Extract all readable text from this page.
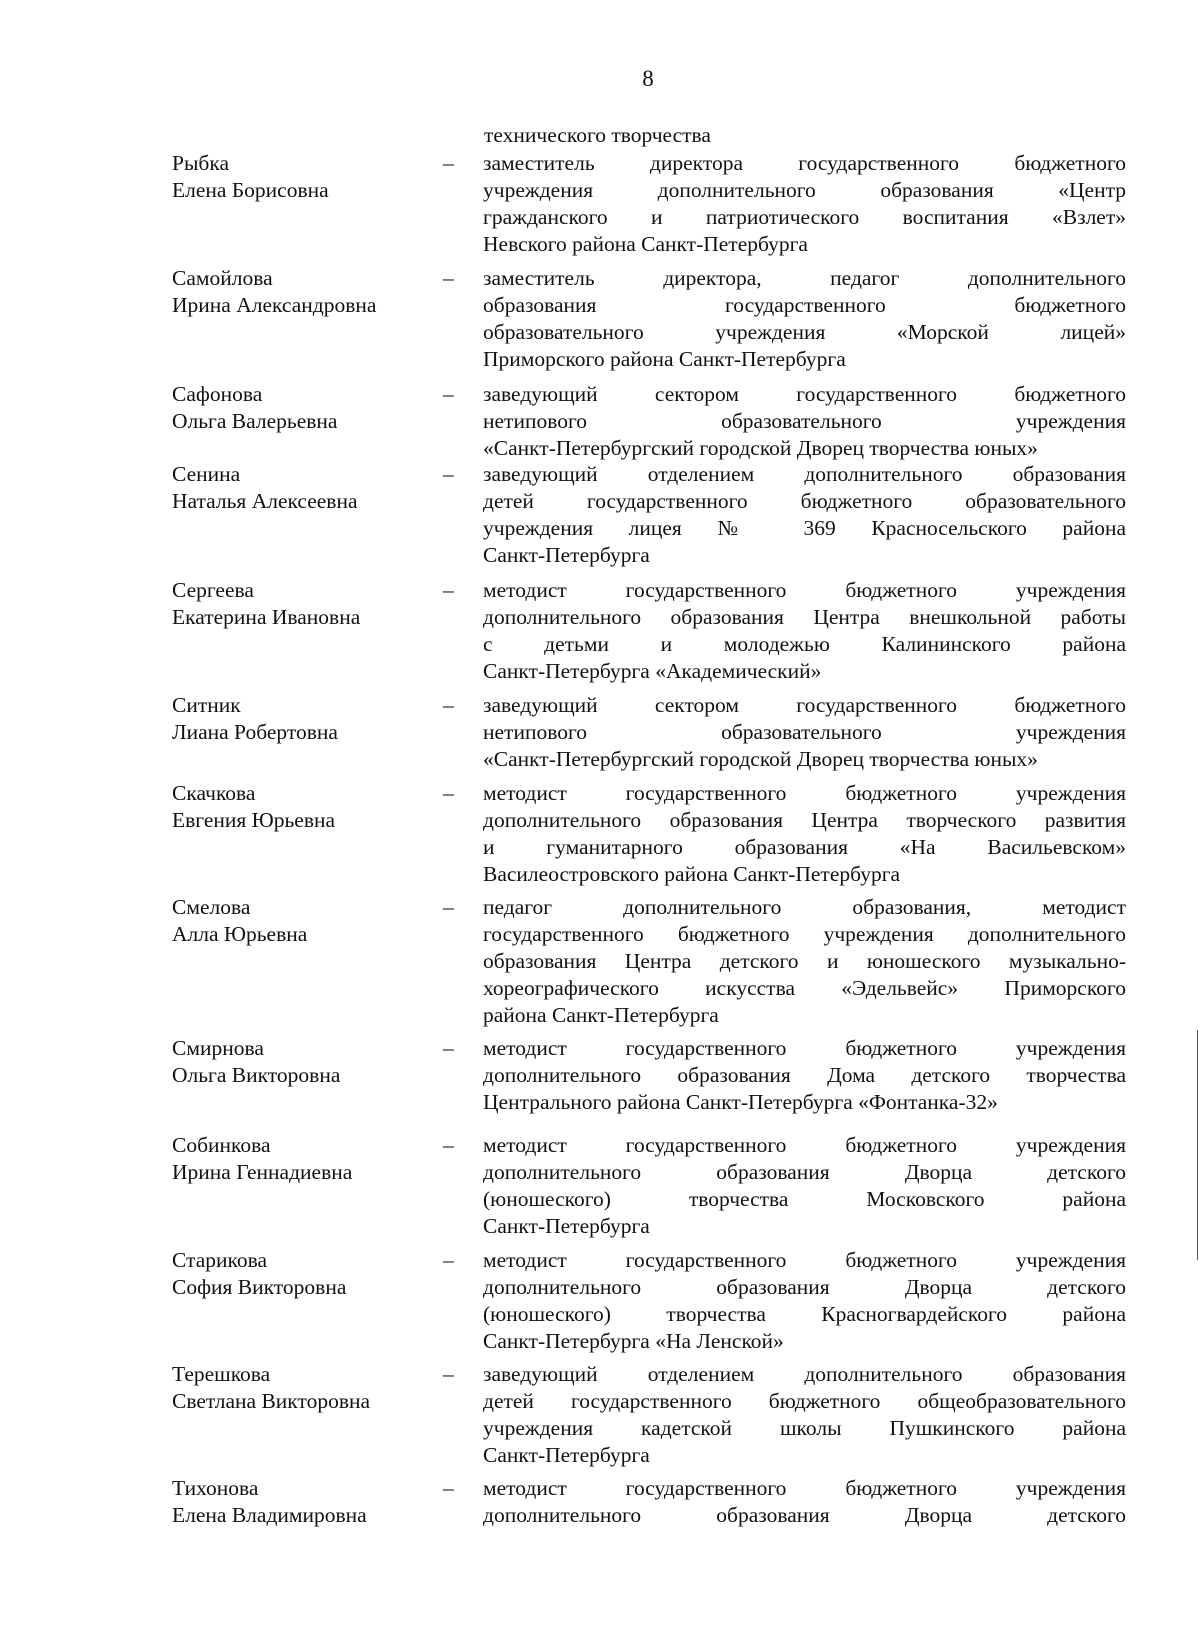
8
технического творчества
Рыбка
Елена Борисовна
– заместитель директора государственного бюджетного
учреждения дополнительного образования «Центр
гражданского и патриотического воспитания «Взлет»
Невского района Санкт-Петербурга
Самойлова
Ирина Александровна
– заместитель директора, педагог дополнительного
образования государственного бюджетного
образовательного учреждения «Морской лицей»
Приморского района Санкт-Петербурга
Сафонова
Ольга Валерьевна
– заведующий сектором государственного бюджетного
нетипового образовательного учреждения
«Санкт-Петербургский городской Дворец творчества юных»
Сенина
Наталья Алексеевна
– заведующий отделением дополнительного образования
детей государственного бюджетного образовательного
учреждения лицея № 369 Красносельского района
Санкт-Петербурга
Сергеева
Екатерина Ивановна
– методист государственного бюджетного учреждения
дополнительного образования Центра внешкольной работы
с детьми и молодежью Калининского района
Санкт-Петербурга «Академический»
Ситник
Лиана Робертовна
– заведующий сектором государственного бюджетного
нетипового образовательного учреждения
«Санкт-Петербургский городской Дворец творчества юных»
Скачкова
Евгения Юрьевна
– методист государственного бюджетного учреждения
дополнительного образования Центра творческого развития
и гуманитарного образования «На Васильевском»
Василеостровского района Санкт-Петербурга
Смелова
Алла Юрьевна
– педагог дополнительного образования, методист
государственного бюджетного учреждения дополнительного
образования Центра детского и юношеского музыкально-
хореографического искусства «Эдельвейс» Приморского
района Санкт-Петербурга
Смирнова
Ольга Викторовна
– методист государственного бюджетного учреждения
дополнительного образования Дома детского творчества
Центрального района Санкт-Петербурга «Фонтанка-32»
Собинкова
Ирина Геннадиевна
– методист государственного бюджетного учреждения
дополнительного образования Дворца детского
(юношеского) творчества Московского района
Санкт-Петербурга
Старикова
София Викторовна
– методист государственного бюджетного учреждения
дополнительного образования Дворца детского
(юношеского) творчества Красногвардейского района
Санкт-Петербурга «На Ленской»
Терешкова
Светлана Викторовна
– заведующий отделением дополнительного образования
детей государственного бюджетного общеобразовательного
учреждения кадетской школы Пушкинского района
Санкт-Петербурга
Тихонова
Елена Владимировна
– методист государственного бюджетного учреждения
дополнительного образования Дворца детского
